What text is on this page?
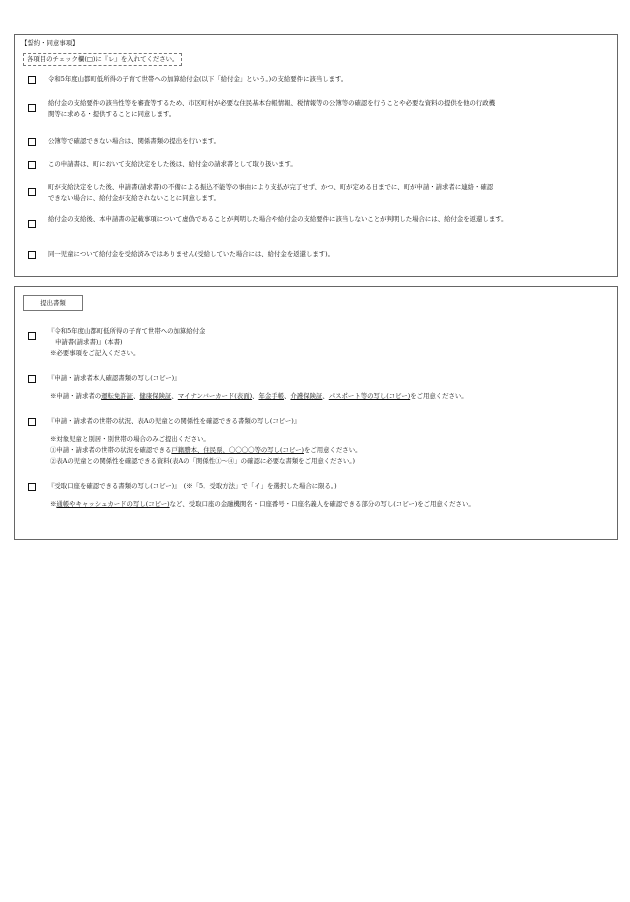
【誓約・同意事項】
各項目のチェック欄(□)に『レ』を入れてください。
令和5年度山都町低所得の子育て世帯への加算給付金(以下「給付金」という。)の支給要件に該当します。
給付金の支給要件の該当性等を審査等するため、市区町村が必要な住民基本台帳情報、税情報等の公簿等の確認を行うことや必要な資料の提供を他の行政機
関等に求める・提供することに同意します。
公簿等で確認できない場合は、関係書類の提出を行います。
この申請書は、町において支給決定をした後は、給付金の請求書として取り扱います。
町が支給決定をした後、申請書(請求書)の不備による振込不能等の事由により支払が完了せず、かつ、町が定める日までに、町が申請・請求者に連絡・確認
できない場合に、給付金が支給されないことに同意します。
給付金の支給後、本申請書の記載事項について虚偽であることが判明した場合や給付金の支給要件に該当しないことが判明した場合には、給付金を返還します。
同一児童について給付金を受給済みではありません(受給していた場合には、給付金を返還します)。
提出書類
『令和5年度山都町低所得の子育て世帯への加算給付金
申請書(請求書)』(本書)
※必要事項をご記入ください。
『申請・請求者本人確認書類の写し(コピー)』
※申請・請求者の運転免許証、健康保険証、マイナンバーカード(表面)、年金手帳、介護保険証、パスポート等の写し(コピー)をご用意ください。
『申請・請求者の世帯の状況、表Aの児童との関係性を確認できる書類の写し(コピー)』
※対象児童と別居・別世帯の場合のみご提出ください。
①申請・請求者の世帯の状況を確認できる戸籍謄本、住民票、〇〇〇〇等の写し(コピー)をご用意ください。
②表Aの児童との関係性を確認できる資料(表Aの「関係性①～④」の確認に必要な書類をご用意ください。)
『受取口座を確認できる書類の写し(コピー)』　(※「5．受取方法」で「イ」を選択した場合に限る。)
※通帳やキャッシュカードの写し(コピー)など、受取口座の金融機関名・口座番号・口座名義人を確認できる部分の写し(コピー)をご用意ください。
